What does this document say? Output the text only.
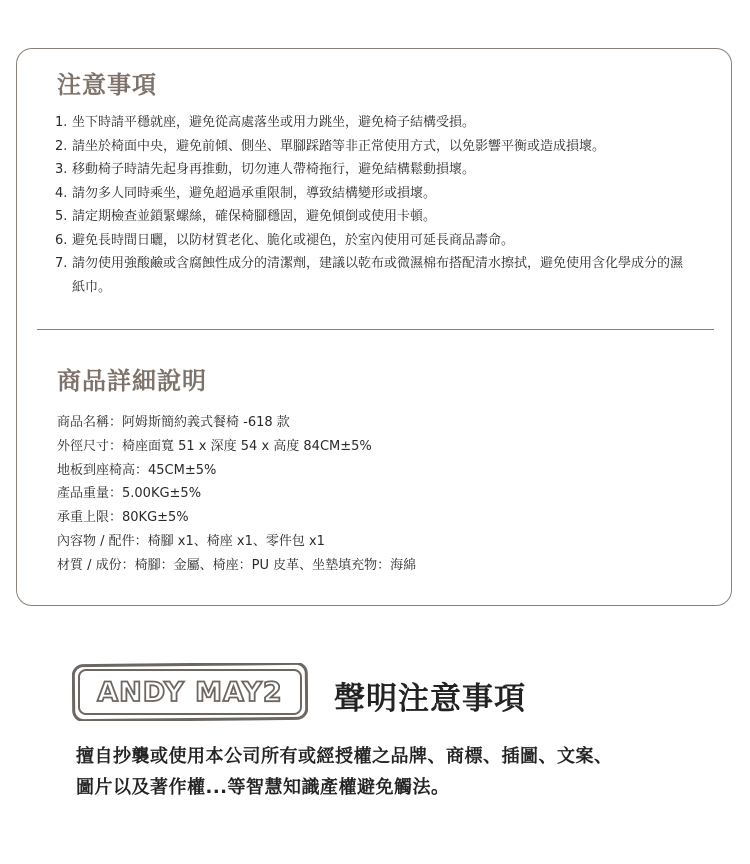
注意事項
1. 坐下時請平穩就座，避免從高處落坐或用力跳坐，避免椅子結構受損。
2. 請坐於椅面中央，避免前傾、側坐、單腳踩踏等非正常使用方式，以免影響平衡或造成損壞。
3. 移動椅子時請先起身再推動，切勿連人帶椅拖行，避免結構鬆動損壞。
4. 請勿多人同時乘坐，避免超過承重限制，導致結構變形或損壞。
5. 請定期檢查並鎖緊螺絲，確保椅腳穩固，避免傾倒或使用卡頓。
6. 避免長時間日曬，以防材質老化、脆化或褪色，於室內使用可延長商品壽命。
7. 請勿使用強酸鹼或含腐蝕性成分的清潔劑，建議以乾布或微濕棉布搭配清水擦拭，避免使用含化學成分的濕紙巾。
商品詳細說明
商品名稱：阿姆斯簡約義式餐椅 -618 款
外徑尺寸：椅座面寬 51 x 深度 54 x 高度 84CM±5%
地板到座椅高：45CM±5%
產品重量：5.00KG±5%
承重上限：80KG±5%
內容物 / 配件：椅腳 x1、椅座 x1、零件包 x1
材質 / 成份：椅腳：金屬、椅座：PU 皮革、坐墊填充物：海綿
ANDY MAY2 聲明注意事項

擅自抄襲或使用本公司所有或經授權之品牌、商標、插圖、文案、
圖片以及著作權...等智慧知識產權避免觸法。
